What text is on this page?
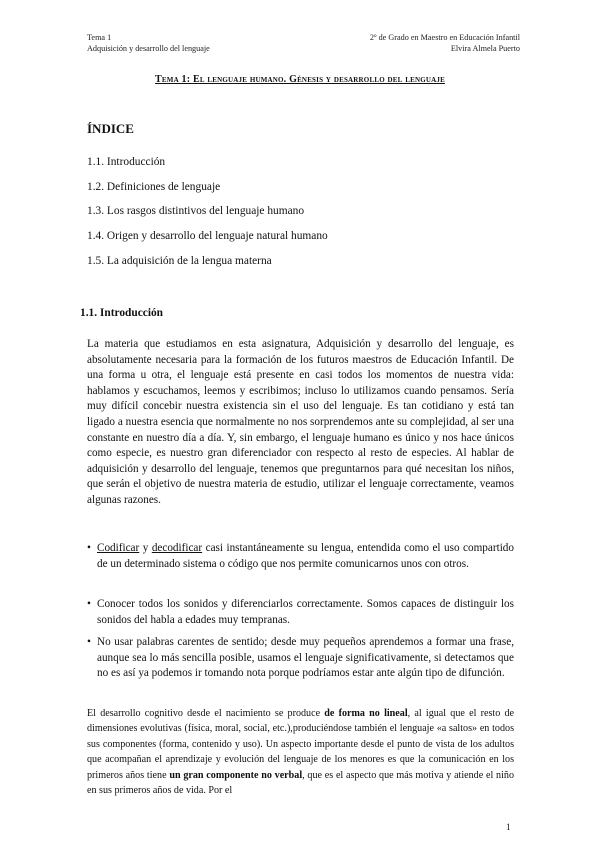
Tema 1
Adquisición y desarrollo del lenguaje
2º de Grado en Maestro en Educación Infantil
Elvira Almela Puerto
Tema 1: El lenguaje humano. Génesis y desarrollo del lenguaje
ÍNDICE
1.1. Introducción
1.2. Definiciones de lenguaje
1.3. Los rasgos distintivos del lenguaje humano
1.4. Origen y desarrollo del lenguaje natural humano
1.5. La adquisición de la lengua materna
1.1. Introducción

La materia que estudiamos en esta asignatura, Adquisición y desarrollo del lenguaje, es absolutamente necesaria para la formación de los futuros maestros de Educación Infantil. De una forma u otra, el lenguaje está presente en casi todos los momentos de nuestra vida: hablamos y escuchamos, leemos y escribimos; incluso lo utilizamos cuando pensamos. Sería muy difícil concebir nuestra existencia sin el uso del lenguaje. Es tan cotidiano y está tan ligado a nuestra esencia que normalmente no nos sorprendemos ante su complejidad, al ser una constante en nuestro día a día. Y, sin embargo, el lenguaje humano es único y nos hace únicos como especie, es nuestro gran diferenciador con respecto al resto de especies. Al hablar de adquisición y desarrollo del lenguaje, tenemos que preguntarnos para qué necesitan los niños, que serán el objetivo de nuestra materia de estudio, utilizar el lenguaje correctamente, veamos algunas razones.

• Codificar y decodificar casi instantáneamente su lengua, entendida como el uso compartido de un determinado sistema o código que nos permite comunicarnos unos con otros.
• Conocer todos los sonidos y diferenciarlos correctamente. Somos capaces de distinguir los sonidos del habla a edades muy tempranas.
• No usar palabras carentes de sentido; desde muy pequeños aprendemos a formar una frase, aunque sea lo más sencilla posible, usamos el lenguaje significativamente, si detectamos que no es así ya podemos ir tomando nota porque podríamos estar ante algún tipo de difunción.

El desarrollo cognitivo desde el nacimiento se produce de forma no lineal, al igual que el resto de dimensiones evolutivas (física, moral, social, etc.),produciéndose también el lenguaje «a saltos» en todos sus componentes (forma, contenido y uso). Un aspecto importante desde el punto de vista de los adultos que acompañan el aprendizaje y evolución del lenguaje de los menores es que la comunicación en los primeros años tiene un gran componente no verbal, que es el aspecto que más motiva y atiende el niño en sus primeros años de vida. Por el

1
